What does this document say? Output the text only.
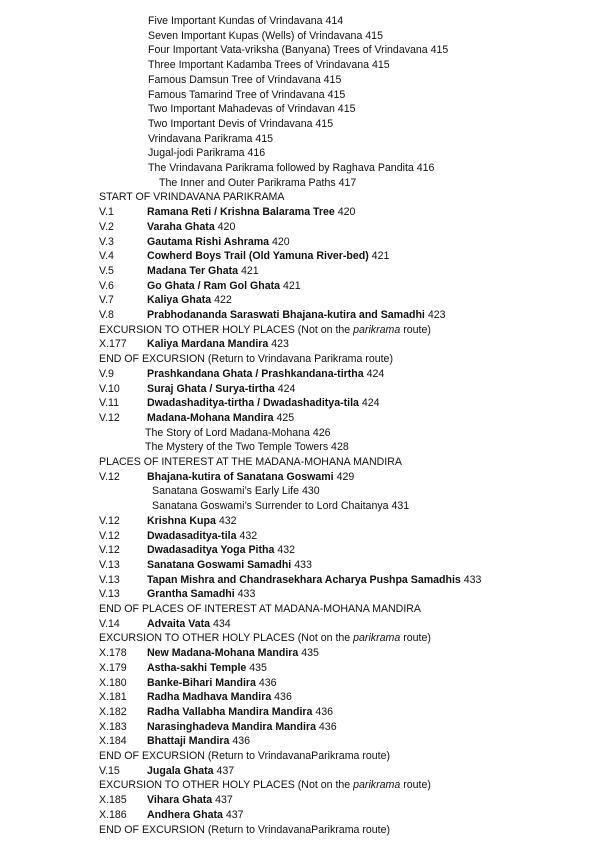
Five Important Kundas of Vrindavana 414
Seven Important Kupas (Wells) of Vrindavana 415
Four Important Vata-vriksha (Banyana) Trees of Vrindavana 415
Three Important Kadamba Trees of Vrindavana 415
Famous Damsun Tree of Vrindavana 415
Famous Tamarind Tree of Vrindavana 415
Two Important Mahadevas of Vrindavan 415
Two Important Devis of Vrindavana 415
Vrindavana Parikrama 415
Jugal-jodi Parikrama 416
The Vrindavana Parikrama followed by Raghava Pandita 416
The Inner and Outer Parikrama Paths 417
START OF VRINDAVANA PARIKRAMA
V.1	Ramana Reti / Krishna Balarama Tree 420
V.2	Varaha Ghata 420
V.3	Gautama Rishi Ashrama 420
V.4	Cowherd Boys Trail (Old Yamuna River-bed) 421
V.5	Madana Ter Ghata 421
V.6	Go Ghata / Ram Gol Ghata 421
V.7	Kaliya Ghata 422
V.8	Prabhodananda Saraswati Bhajana-kutira and Samadhi 423
EXCURSION TO OTHER HOLY PLACES (Not on the parikrama route)
X.177 Kaliya Mardana Mandira 423
END OF EXCURSION (Return to Vrindavana Parikrama route)
V.9	Prashkandana Ghata / Prashkandana-tirtha 424
V.10	Suraj Ghata / Surya-tirtha 424
V.11	Dwadashaditya-tirtha / Dwadashaditya-tila 424
V.12	Madana-Mohana Mandira 425
The Story of Lord Madana-Mohana 426
The Mystery of the Two Temple Towers 428
PLACES OF INTEREST AT THE MADANA-MOHANA MANDIRA
V.12	Bhajana-kutira of Sanatana Goswami 429
Sanatana Goswami’s Early Life 430
Sanatana Goswami’s Surrender to Lord Chaitanya 431
V.12	Krishna Kupa 432
V.12	Dwadasaditya-tila 432
V.12	Dwadasaditya Yoga Pitha 432
V.13	Sanatana Goswami Samadhi 433
V.13	Tapan Mishra and Chandrasekhara Acharya Pushpa Samadhis 433
V.13	Grantha Samadhi 433
END OF PLACES OF INTEREST AT MADANA-MOHANA MANDIRA
V.14	Advaita Vata 434
EXCURSION TO OTHER HOLY PLACES (Not on the parikrama route)
X.178 New Madana-Mohana Mandira 435
X.179 Astha-sakhi Temple 435
X.180 Banke-Bihari Mandira 436
X.181 Radha Madhava Mandira 436
X.182 Radha Vallabha Mandira Mandira 436
X.183 Narasinghadeva Mandira Mandira 436
X.184 Bhattaji Mandira 436
END OF EXCURSION (Return to VrindavanaParikrama route)
V.15	Jugala Ghata 437
EXCURSION TO OTHER HOLY PLACES (Not on the parikrama route)
X.185 Vihara Ghata 437
X.186 Andhera Ghata 437
END OF EXCURSION (Return to VrindavanaParikrama route)
